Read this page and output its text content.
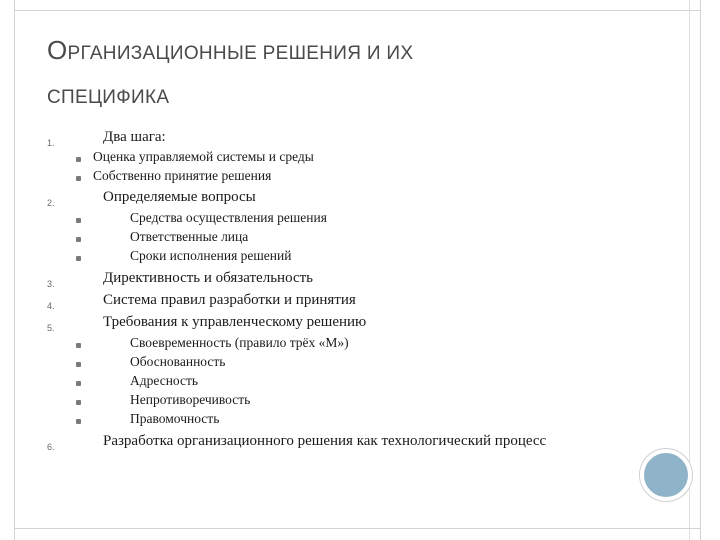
ОРГАНИЗАЦИОННЫЕ РЕШЕНИЯ И ИХ
СПЕЦИФИКА
1.	Два шага:
Оценка управляемой системы и среды
Собственно принятие решения
2.	Определяемые вопросы
Средства осуществления решения
Ответственные лица
Сроки исполнения решений
3.	Директивность и обязательность
4.	Система правил разработки и принятия
5.	Требования к управленческому решению
Своевременность (правило трёх «М»)
Обоснованность
Адресность
Непротиворечивость
Правомочность
6.	Разработка организационного решения как технологический процесс
